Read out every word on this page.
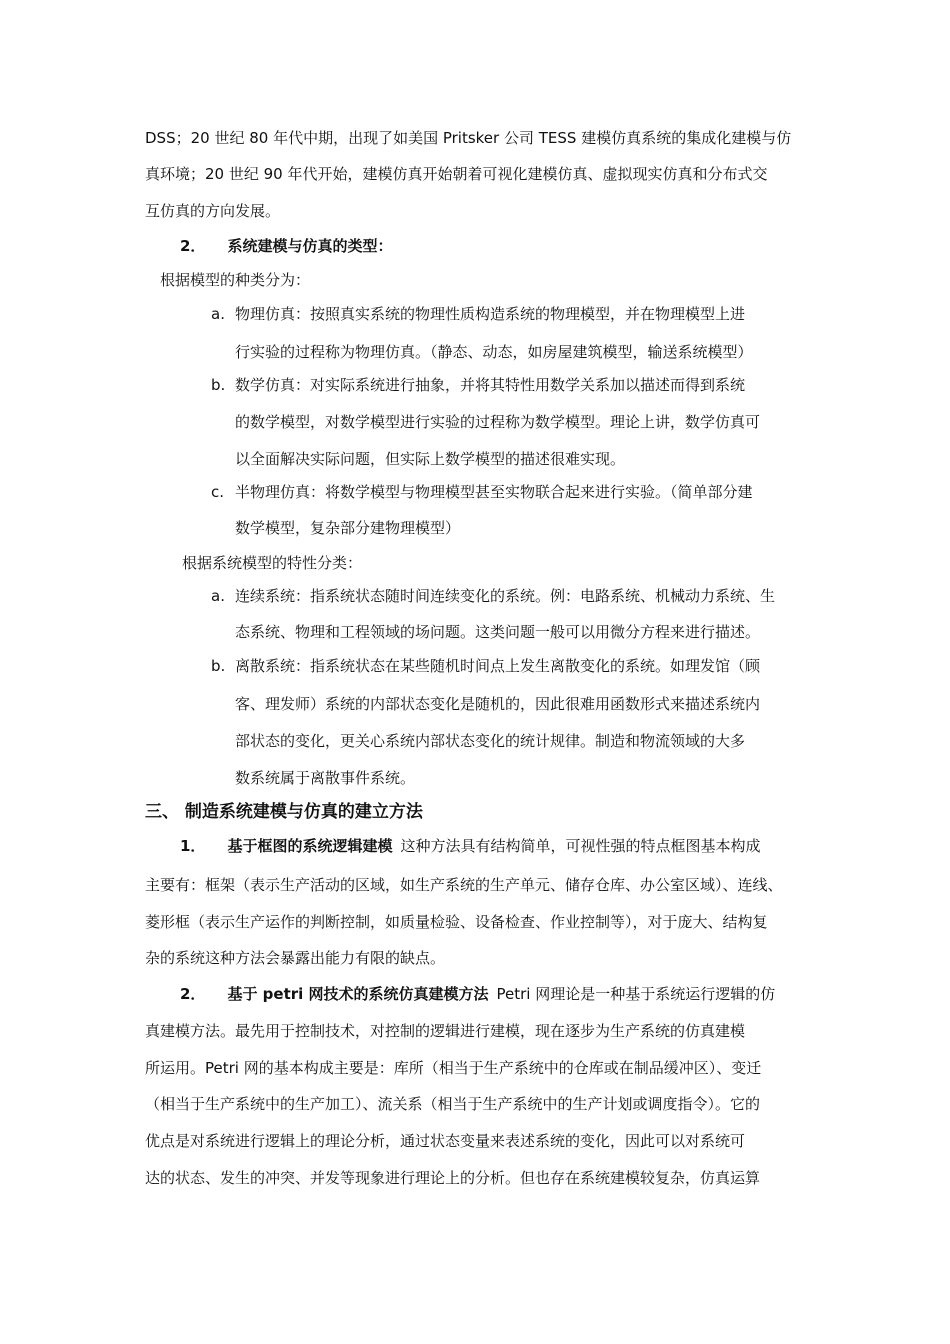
DSS；20 世纪 80 年代中期，出现了如美国 Pritsker 公司 TESS 建模仿真系统的集成化建模与仿
真环境；20 世纪 90 年代开始，建模仿真开始朝着可视化建模仿真、虚拟现实仿真和分布式交
互仿真的方向发展。
2． 系统建模与仿真的类型：
根据模型的种类分为：
a. 物理仿真：按照真实系统的物理性质构造系统的物理模型，并在物理模型上进
行实验的过程称为物理仿真。（静态、动态，如房屋建筑模型，输送系统模型）
b. 数学仿真：对实际系统进行抽象，并将其特性用数学关系加以描述而得到系统
的数学模型，对数学模型进行实验的过程称为数学模型。理论上讲，数学仿真可
以全面解决实际问题，但实际上数学模型的描述很难实现。
c. 半物理仿真：将数学模型与物理模型甚至实物联合起来进行实验。（简单部分建
数学模型，复杂部分建物理模型）
根据系统模型的特性分类：
a. 连续系统：指系统状态随时间连续变化的系统。例：电路系统、机械动力系统、生
态系统、物理和工程领域的场问题。这类问题一般可以用微分方程来进行描述。
b. 离散系统：指系统状态在某些随机时间点上发生离散变化的系统。如理发馆（顾
客、理发师）系统的内部状态变化是随机的，因此很难用函数形式来描述系统内
部状态的变化，更关心系统内部状态变化的统计规律。制造和物流领域的大多
数系统属于离散事件系统。
三、 制造系统建模与仿真的建立方法
1． 基于框图的系统逻辑建模 这种方法具有结构简单，可视性强的特点框图基本构成
主要有：框架（表示生产活动的区域，如生产系统的生产单元、储存仓库、办公室区域）、连线、
菱形框（表示生产运作的判断控制，如质量检验、设备检查、作业控制等），对于庞大、结构复
杂的系统这种方法会暴露出能力有限的缺点。
2． 基于 petri 网技术的系统仿真建模方法 Petri 网理论是一种基于系统运行逻辑的仿
真建模方法。最先用于控制技术，对控制的逻辑进行建模，现在逐步为生产系统的仿真建模
所运用。Petri 网的基本构成主要是：库所（相当于生产系统中的仓库或在制品缓冲区）、变迁
（相当于生产系统中的生产加工）、流关系（相当于生产系统中的生产计划或调度指令）。它的
优点是对系统进行逻辑上的理论分析，通过状态变量来表述系统的变化，因此可以对系统可
达的状态、发生的冲突、并发等现象进行理论上的分析。但也存在系统建模较复杂，仿真运算
